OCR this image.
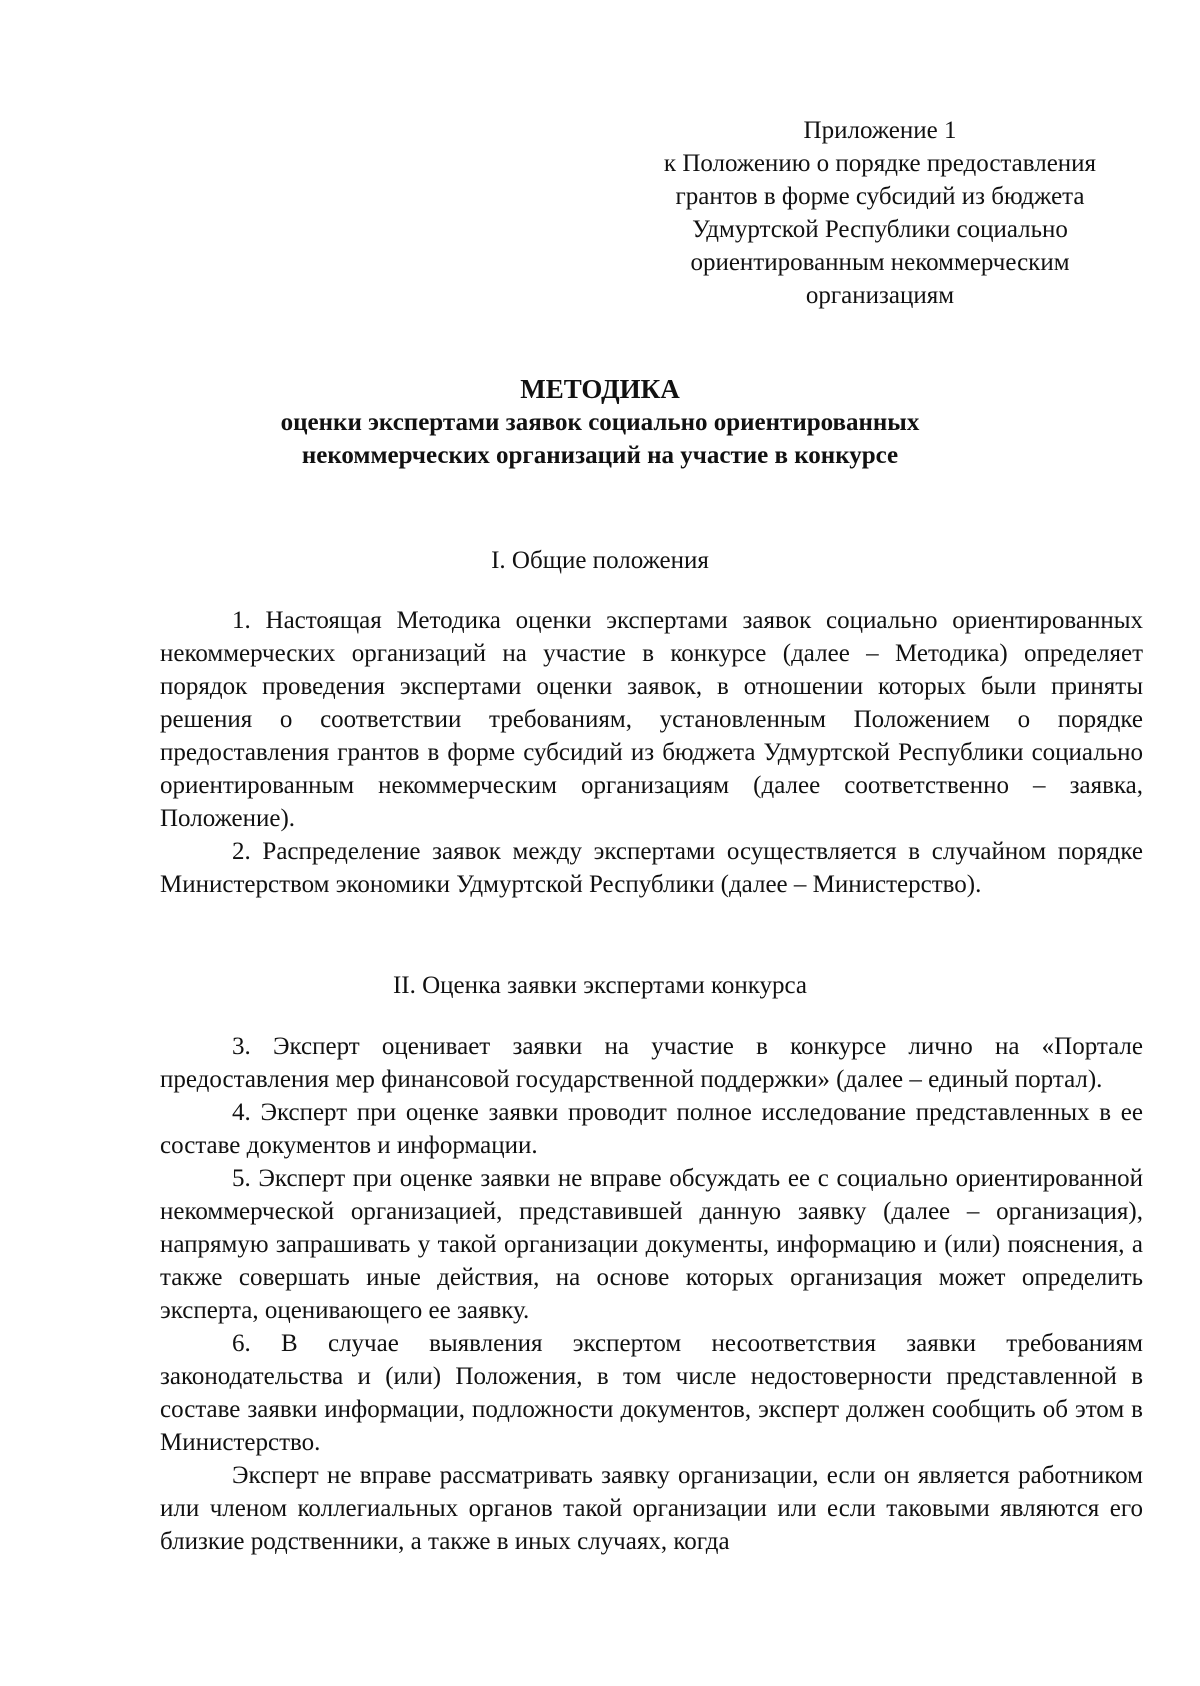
Приложение 1
к Положению о порядке предоставления
грантов в форме субсидий из бюджета
Удмуртской Республики социально
ориентированным некоммерческим
организациям
МЕТОДИКА
оценки экспертами заявок социально ориентированных
некоммерческих организаций на участие в конкурсе
I. Общие положения

1. Настоящая Методика оценки экспертами заявок социально ориентированных некоммерческих организаций на участие в конкурсе (далее – Методика) определяет порядок проведения экспертами оценки заявок, в отношении которых были приняты решения о соответствии требованиям, установленным Положением о порядке предоставления грантов в форме субсидий из бюджета Удмуртской Республики социально ориентированным некоммерческим организациям (далее соответственно – заявка, Положение).

2. Распределение заявок между экспертами осуществляется в случайном порядке Министерством экономики Удмуртской Республики (далее – Министерство).

II. Оценка заявки экспертами конкурса

3. Эксперт оценивает заявки на участие в конкурсе лично на «Портале предоставления мер финансовой государственной поддержки» (далее – единый портал).

4. Эксперт при оценке заявки проводит полное исследование представленных в ее составе документов и информации.

5. Эксперт при оценке заявки не вправе обсуждать ее с социально ориентированной некоммерческой организацией, представившей данную заявку (далее – организация), напрямую запрашивать у такой организации документы, информацию и (или) пояснения, а также совершать иные действия, на основе которых организация может определить эксперта, оценивающего ее заявку.

6. В случае выявления экспертом несоответствия заявки требованиям законодательства и (или) Положения, в том числе недостоверности представленной в составе заявки информации, подложности документов, эксперт должен сообщить об этом в Министерство.

Эксперт не вправе рассматривать заявку организации, если он является работником или членом коллегиальных органов такой организации или если таковыми являются его близкие родственники, а также в иных случаях, когда
